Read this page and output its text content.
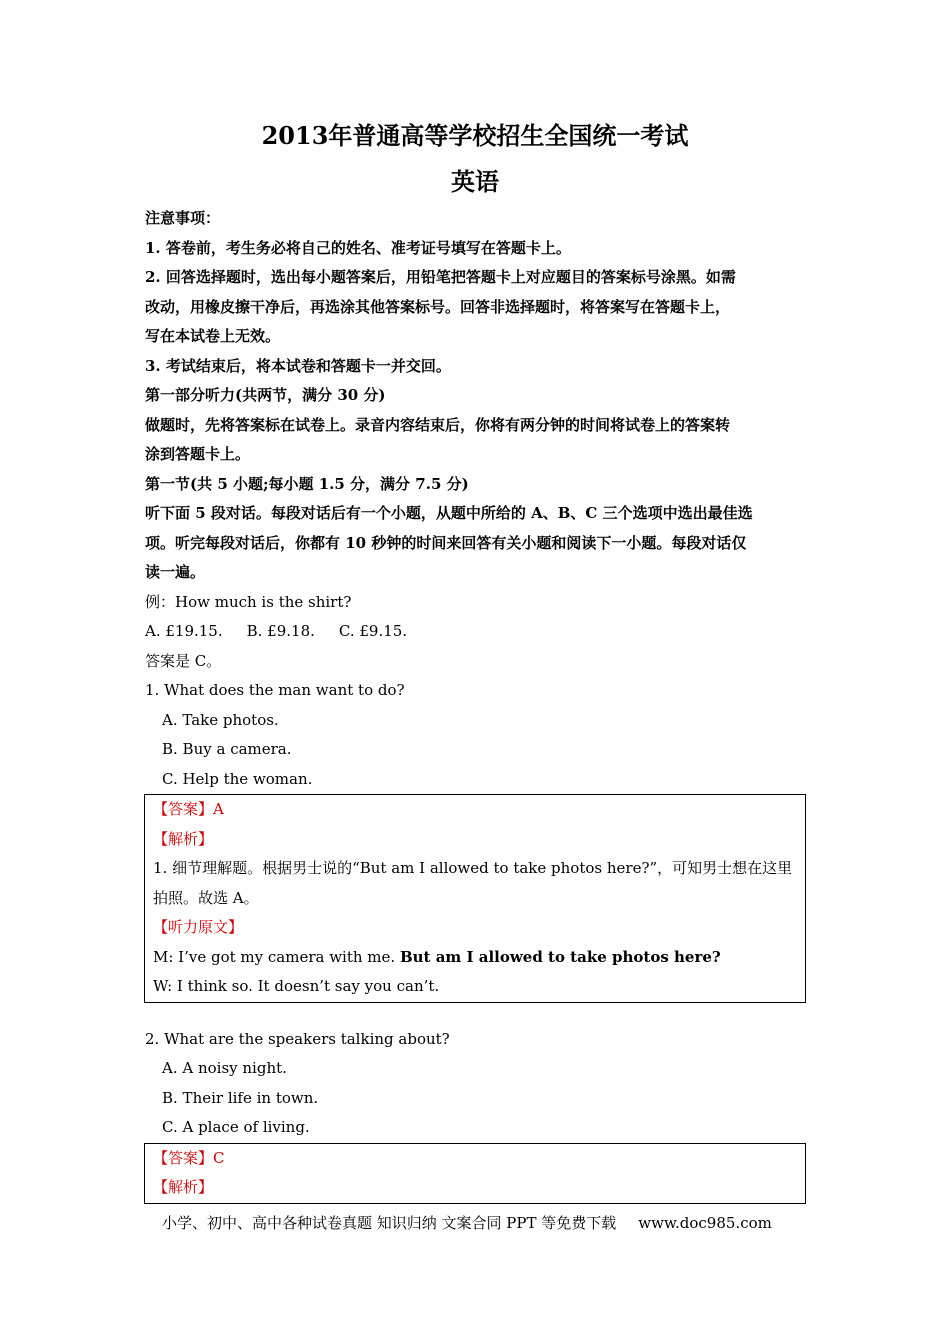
2013年普通高等学校招生全国统一考试
英语
注意事项：
1. 答卷前，考生务必将自己的姓名、准考证号填写在答题卡上。
2. 回答选择题时，选出每小题答案后，用铅笔把答题卡上对应题目的答案标号涂黑。如需
改动，用橡皮擦干净后，再选涂其他答案标号。回答非选择题时，将答案写在答题卡上，
写在本试卷上无效。
3. 考试结束后，将本试卷和答题卡一并交回。
第一部分听力(共两节，满分 30 分)
做题时，先将答案标在试卷上。录音内容结束后，你将有两分钟的时间将试卷上的答案转
涂到答题卡上。
第一节(共 5 小题;每小题 1.5 分，满分 7.5 分)
听下面 5 段对话。每段对话后有一个小题，从题中所给的 A、B、C 三个选项中选出最佳选
项。听完每段对话后，你都有 10 秒钟的时间来回答有关小题和阅读下一小题。每段对话仅
读一遍。
例：How much is the shirt?
A. £19.15. B. £9.18. C. £9.15.
答案是 C。
1. What does the man want to do?
A. Take photos.
B. Buy a camera.
C. Help the woman.
【答案】A
【解析】
1. 细节理解题。根据男士说的“But am I allowed to take photos here?”，可知男士想在这里
拍照。故选 A。
【听力原文】
M: I’ve got my camera with me. But am I allowed to take photos here?
W: I think so. It doesn’t say you can’t.
2. What are the speakers talking about?
A. A noisy night.
B. Their life in town.
C. A place of living.
【答案】C
【解析】
小学、初中、高中各种试卷真题 知识归纳 文案合同 PPT 等免费下载 www.doc985.com
